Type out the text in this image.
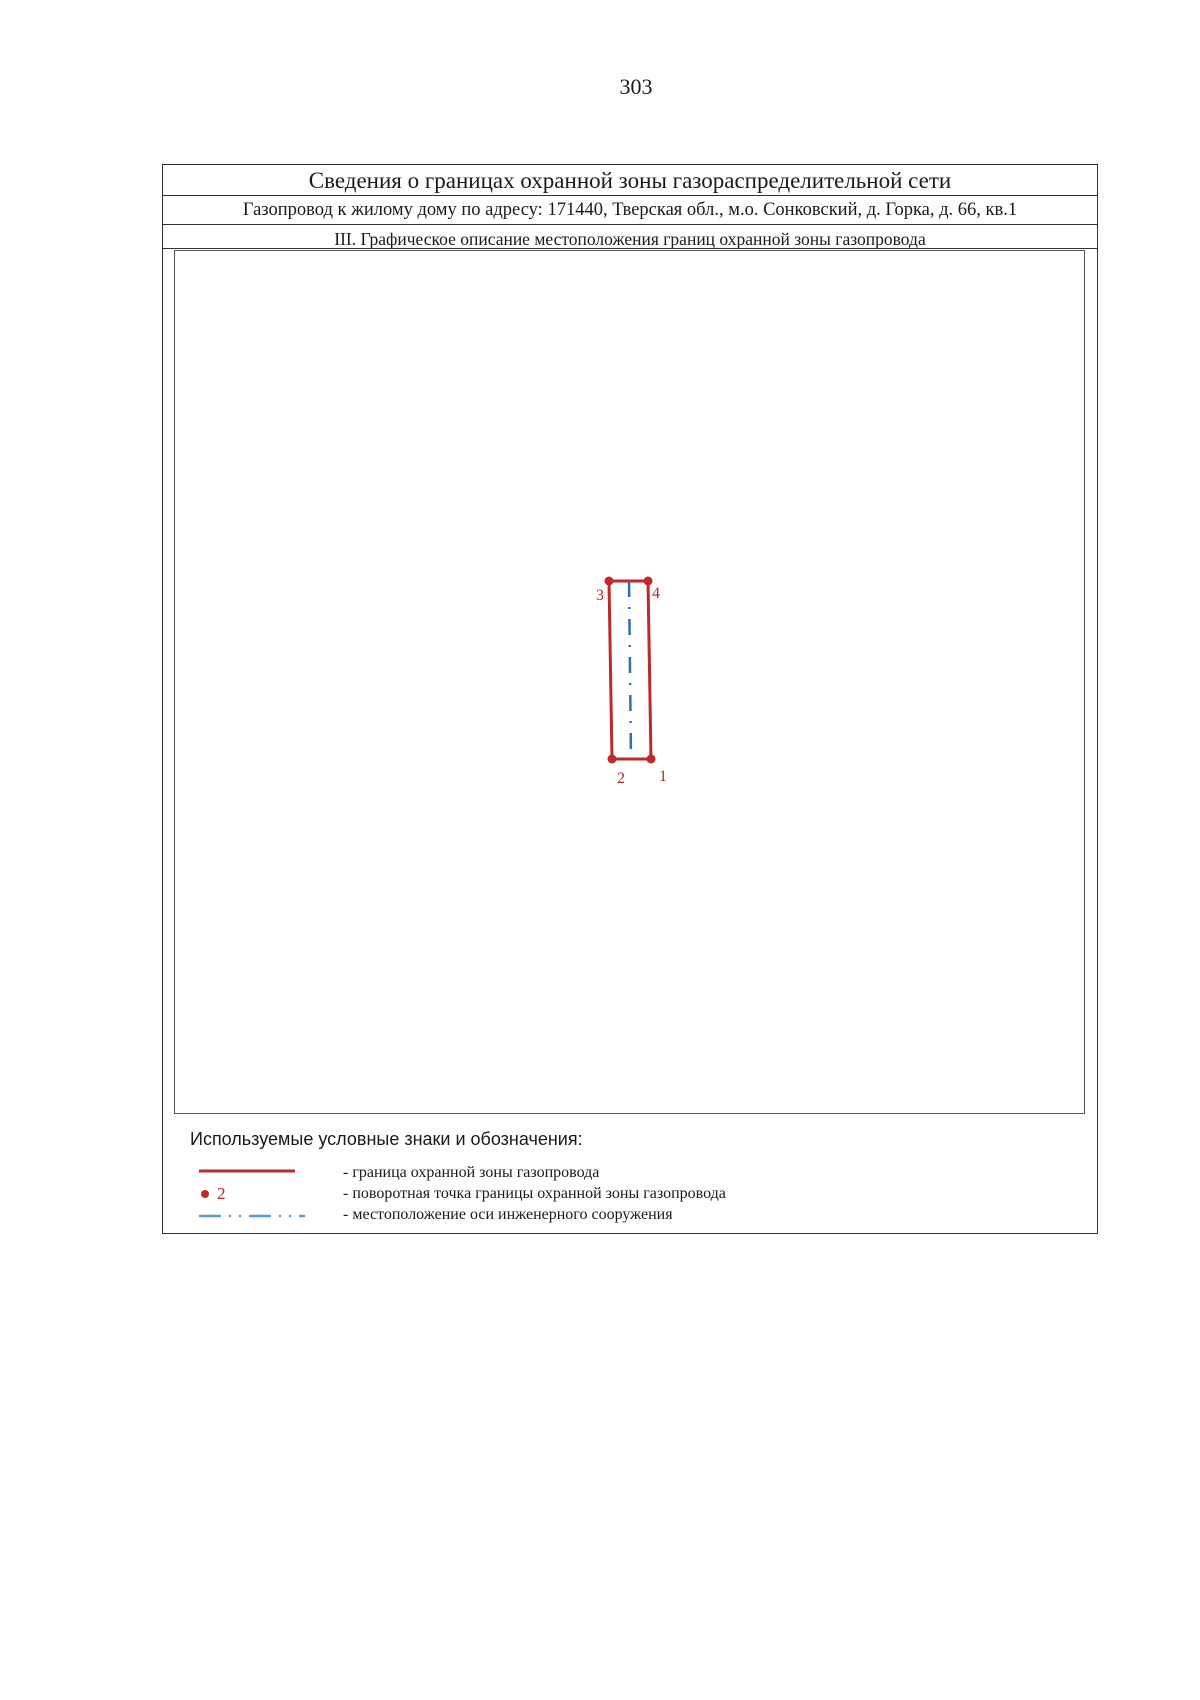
303
Сведения о границах охранной зоны газораспределительной сети
Газопровод к жилому дому по адресу: 171440, Тверская обл., м.о. Сонковский, д. Горка, д. 66, кв.1
III. Графическое описание местоположения границ охранной зоны газопровода
1
2
3	4
Используемые условные знаки и обозначения:
- граница охранной зоны газопровода
2	- поворотная точка границы охранной зоны газопровода
- местоположение оси инженерного сооружения
